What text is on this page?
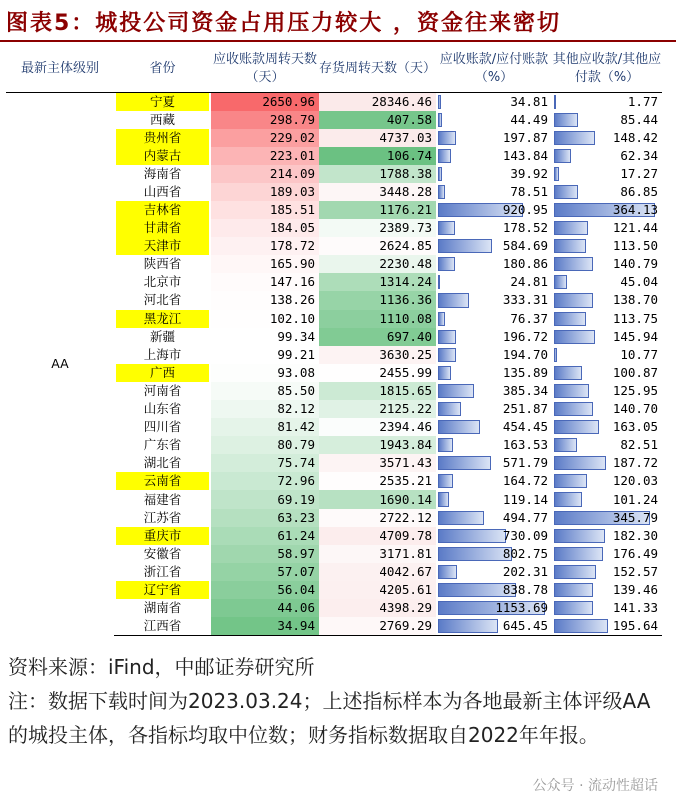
图表5：城投公司资金占用压力较大 ，资金往来密切
最新主体级别	省份	应收账款周转天数（天）	存货周转天数（天）	应收账款/应付账款（%）	其他应收款/其他应付款（%）
AA	宁夏	2650.96	28346.46	34.81	1.77
	西藏	298.79	407.58	44.49	85.44

	贵州省	229.02	4737.03	197.87	148.42

	内蒙古	223.01	106.74	143.84	62.34
	海南省	214.09	1788.38	39.92	17.27
	山西省	189.03	3448.28	78.51	86.85

	吉林省	185.51	1176.21	920.95	364.13

	甘肃省	184.05	2389.73	178.52	121.44

	天津市	178.72	2624.85	584.69	113.50
	陕西省	165.90	2230.48	180.86	140.79
	北京市	147.16	1314.24	24.81	45.04
	河北省	138.26	1136.36	333.31	138.70

	黑龙江	102.10	1110.08	76.37	113.75
	新疆	99.34	697.40	196.72	145.94
	上海市	99.21	3630.25	194.70	10.77

	广西	93.08	2455.99	135.89	100.87
	河南省	85.50	1815.65	385.34	125.95
	山东省	82.12	2125.22	251.87	140.70
	四川省	81.42	2394.46	454.45	163.05
	广东省	80.79	1943.84	163.53	82.51
	湖北省	75.74	3571.43	571.79	187.72

	云南省	72.96	2535.21	164.72	120.03
	福建省	69.19	1690.14	119.14	101.24
	江苏省	63.23	2722.12	494.77	345.79

	重庆市	61.24	4709.78	730.09	182.30
	安徽省	58.97	3171.81	802.75	176.49
	浙江省	57.07	4042.67	202.31	152.57

	辽宁省	56.04	4205.61	838.78	139.46
	湖南省	44.06	4398.29	1153.69	141.33
	江西省	34.94	2769.29	645.45	195.64
资料来源：iFind，中邮证券研究所
注：数据下载时间为2023.03.24；上述指标样本为各地最新主体评级AA的城投主体，各指标均取中位数；财务指标数据取自2022年年报。
公众号 · 流动性超话
